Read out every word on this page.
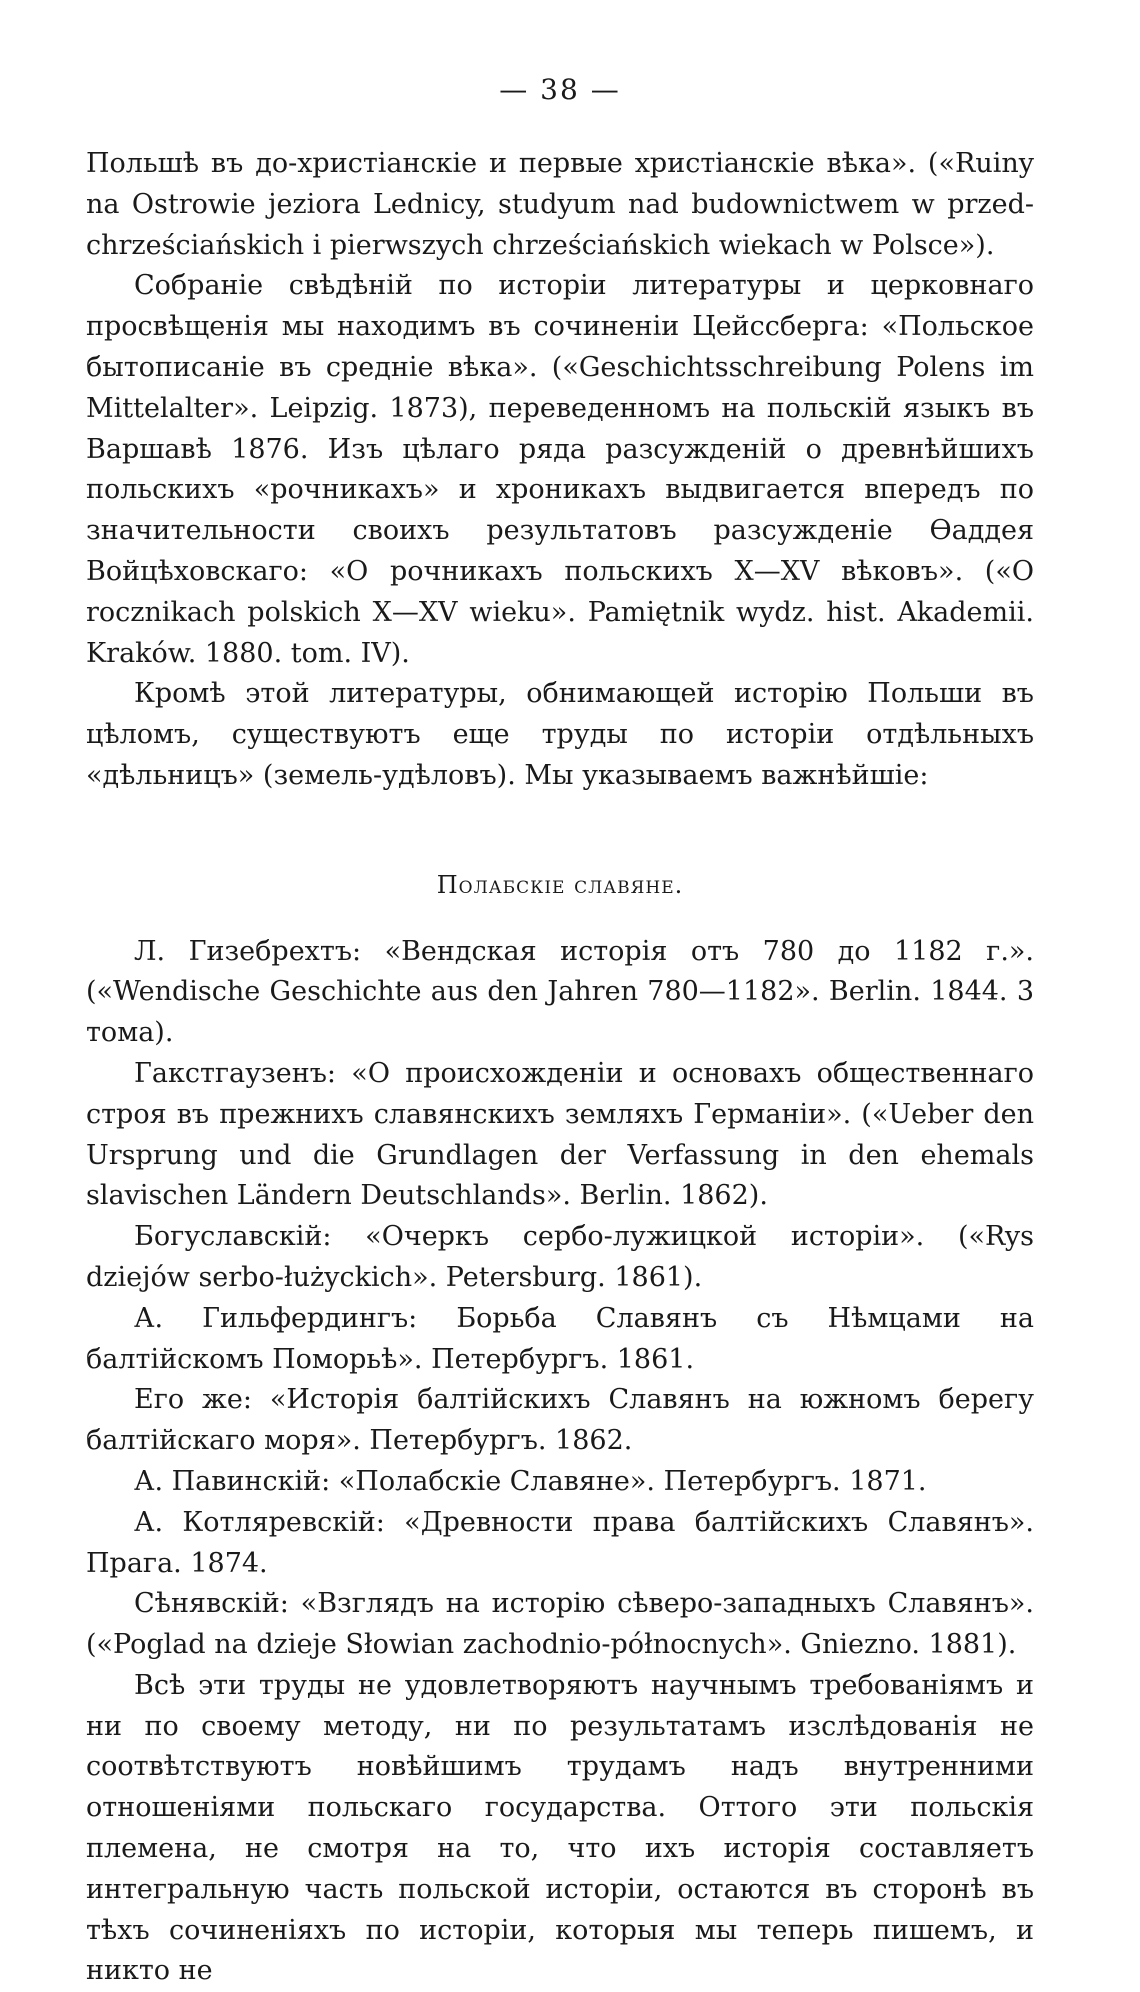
— 38 —

Польшѣ въ до-христіанскіе и первые христіанскіе вѣка». («Ruiny na Ostrowie jeziora Lednicy, studyum nad budownictwem w przed-chrześciańskich i pierwszych chrześciańskich wiekach w Polsce»).

Собраніе свѣдѣній по исторіи литературы и церковнаго просвѣщенія мы находимъ въ сочиненіи Цейссберга: «Польское бытописаніе въ средніе вѣка». («Geschichtsschreibung Polens im Mittelalter». Leipzig. 1873), переведенномъ на польскій языкъ въ Варшавѣ 1876. Изъ цѣлаго ряда разсужденій о древнѣйшихъ польскихъ «рочникахъ» и хроникахъ выдвигается впередъ по значительности своихъ результатовъ разсужденіе Ѳаддея Войцѣховскаго: «О рочникахъ польскихъ X—XV вѣковъ». («O rocznikach polskich X—XV wieku». Pamiętnik wydz. hist. Akademii. Kraków. 1880. tom. IV).

Кромѣ этой литературы, обнимающей исторію Польши въ цѣломъ, существуютъ еще труды по исторіи отдѣльныхъ «дѣльницъ» (земель-удѣловъ). Мы указываемъ важнѣйшіе:

Полабскіе славяне.

Л. Гизебрехтъ: «Вендская исторія отъ 780 до 1182 г.». («Wendische Geschichte aus den Jahren 780—1182». Berlin. 1844. 3 тома).

Гакстгаузенъ: «О происхожденіи и основахъ общественнаго строя въ прежнихъ славянскихъ земляхъ Германіи». («Ueber den Ursprung und die Grundlagen der Verfassung in den ehemals slavischen Ländern Deutschlands». Berlin. 1862).

Богуславскій: «Очеркъ сербо-лужицкой исторіи». («Rys dziejów serbo-łużyckich». Petersburg. 1861).

А. Гильфердингъ: Борьба Славянъ съ Нѣмцами на балтійскомъ Поморьѣ». Петербургъ. 1861.

Его же: «Исторія балтійскихъ Славянъ на южномъ берегу балтійскаго моря». Петербургъ. 1862.

А. Павинскій: «Полабскіе Славяне». Петербургъ. 1871.

А. Котляревскій: «Древности права балтійскихъ Славянъ». Прага. 1874.

Сѣнявскій: «Взглядъ на исторію сѣверо-западныхъ Славянъ». («Poglad na dzieje Słowian zachodnio-północnych». Gniezno. 1881).

Всѣ эти труды не удовлетворяютъ научнымъ требованіямъ и ни по своему методу, ни по результатамъ изслѣдованія не соотвѣтствуютъ новѣйшимъ трудамъ надъ внутренними отношеніями польскаго государства. Оттого эти польскія племена, не смотря на то, что ихъ исторія составляетъ интегральную часть польской исторіи, остаются въ сторонѣ въ тѣхъ сочиненіяхъ по исторіи, которыя мы теперь пишемъ, и никто не
